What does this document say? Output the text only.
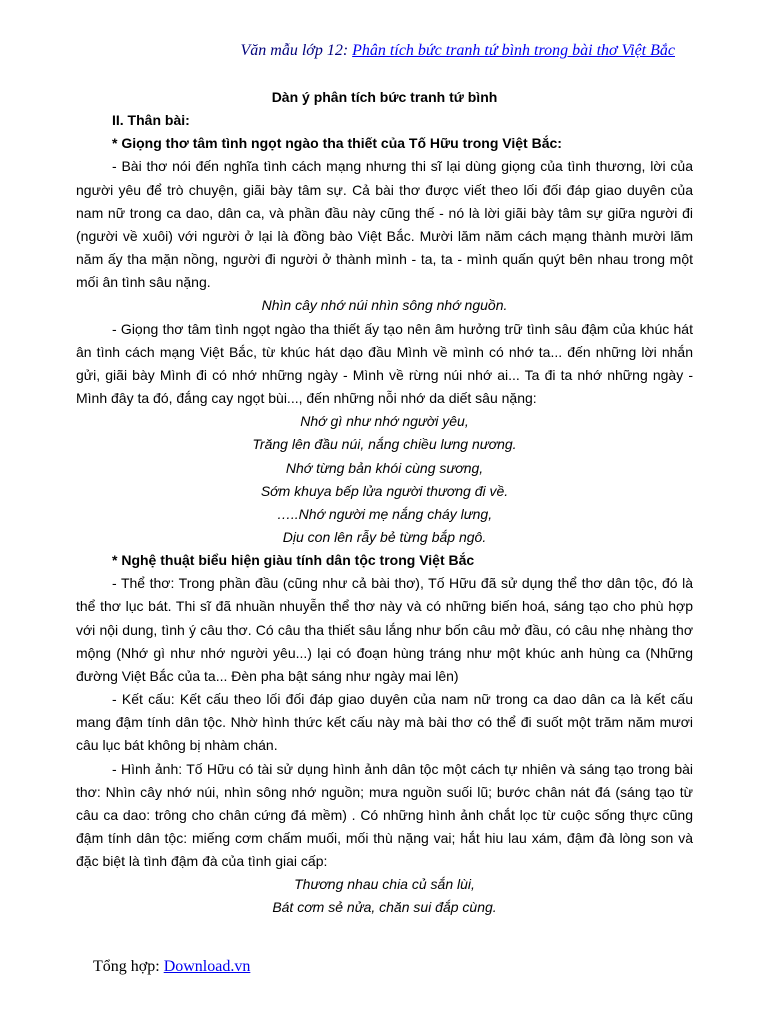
Văn mẫu lớp 12: Phân tích bức tranh tứ bình trong bài thơ Việt Bắc

Dàn ý phân tích bức tranh tứ bình

II. Thân bài:

* Giọng thơ tâm tình ngọt ngào tha thiết của Tố Hữu trong Việt Bắc:

- Bài thơ nói đến nghĩa tình cách mạng nhưng thi sĩ lại dùng giọng của tình thương, lời của người yêu để trò chuyện, giãi bày tâm sự. Cả bài thơ được viết theo lối đối đáp giao duyên của nam nữ trong ca dao, dân ca, và phần đầu này cũng thế - nó là lời giãi bày tâm sự giữa người đi (người về xuôi) với người ở lại là đồng bào Việt Bắc. Mười lăm năm cách mạng thành mười lăm năm ấy tha mặn nồng, người đi người ở thành mình - ta, ta - mình quấn quýt bên nhau trong một mối ân tình sâu nặng.

Nhìn cây nhớ núi nhìn sông nhớ nguồn.

- Giọng thơ tâm tình ngọt ngào tha thiết ấy tạo nên âm hưởng trữ tình sâu đậm của khúc hát ân tình cách mạng Việt Bắc, từ khúc hát dạo đầu Mình về mình có nhớ ta... đến những lời nhắn gửi, giãi bày Mình đi có nhớ những ngày - Mình về rừng núi nhớ ai... Ta đi ta nhớ những ngày - Mình đây ta đó, đắng cay ngọt bùi..., đến những nỗi nhớ da diết sâu nặng:

Nhớ gì như nhớ người yêu,

Trăng lên đầu núi, nắng chiều lưng nương.

Nhớ từng bản khói cùng sương,

Sớm khuya bếp lửa người thương đi về.

…..Nhớ người mẹ nắng cháy lưng,

Dịu con lên rẫy bẻ từng bắp ngô.

* Nghệ thuật biểu hiện giàu tính dân tộc trong Việt Bắc

- Thể thơ: Trong phần đầu (cũng như cả bài thơ), Tố Hữu đã sử dụng thể thơ dân tộc, đó là thể thơ lục bát. Thi sĩ đã nhuần nhuyễn thể thơ này và có những biến hoá, sáng tạo cho phù hợp với nội dung, tình ý câu thơ. Có câu tha thiết sâu lắng như bốn câu mở đầu, có câu nhẹ nhàng thơ mộng (Nhớ gì như nhớ người yêu...) lại có đoạn hùng tráng như một khúc anh hùng ca (Những đường Việt Bắc của ta... Đèn pha bật sáng như ngày mai lên)

- Kết cấu: Kết cấu theo lối đối đáp giao duyên của nam nữ trong ca dao dân ca là kết cấu mang đậm tính dân tộc. Nhờ hình thức kết cấu này mà bài thơ có thể đi suốt một trăm năm mươi câu lục bát không bị nhàm chán.

- Hình ảnh: Tố Hữu có tài sử dụng hình ảnh dân tộc một cách tự nhiên và sáng tạo trong bài thơ: Nhìn cây nhớ núi, nhìn sông nhớ nguồn; mưa nguồn suối lũ; bước chân nát đá (sáng tạo từ câu ca dao: trông cho chân cứng đá mềm) . Có những hình ảnh chắt lọc từ cuộc sống thực cũng đậm tính dân tộc: miếng cơm chấm muối, mối thù nặng vai; hắt hiu lau xám, đậm đà lòng son và đặc biệt là tình đậm đà của tình giai cấp:

Thương nhau chia củ sắn lùi,

Bát cơm sẻ nửa, chăn sui đắp cùng.

Tổng hợp: Download.vn
